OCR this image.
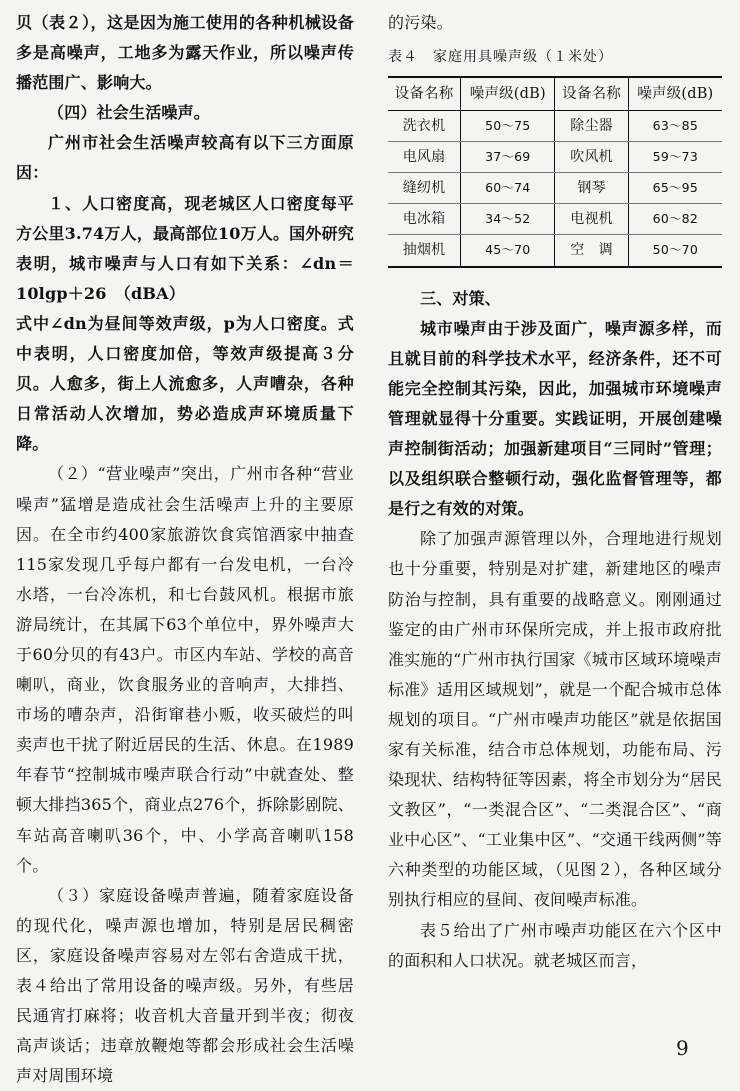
贝（表２），这是因为施工使用的各种机械设备多是高噪声，工地多为露天作业，所以噪声传播范围广、影响大。

（四）社会生活噪声。

广州市社会生活噪声较高有以下三方面原因：

１、人口密度高，现老城区人口密度每平方公里3.74万人，最高部位10万人。国外研究表明，城市噪声与人口有如下关系：∠dn＝10lgp＋26　（dBA）

式中∠dn为昼间等效声级，p为人口密度。式中表明，人口密度加倍，等效声级提高３分贝。人愈多，街上人流愈多，人声嘈杂，各种日常活动人次增加，势必造成声环境质量下降。

（２）“营业噪声”突出，广州市各种“营业噪声”猛增是造成社会生活噪声上升的主要原因。在全市约400家旅游饮食宾馆酒家中抽查115家发现几乎每户都有一台发电机，一台冷水塔，一台冷冻机，和七台鼓风机。根据市旅游局统计，在其属下63个单位中，界外噪声大于60分贝的有43户。市区内车站、学校的高音喇叭，商业，饮食服务业的音响声，大排挡、市场的嘈杂声，沿街窜巷小贩，收买破烂的叫卖声也干扰了附近居民的生活、休息。在1989年春节“控制城市噪声联合行动”中就查处、整顿大排挡365个，商业点276个，拆除影剧院、车站高音喇叭36个，中、小学高音喇叭158个。

（３）家庭设备噪声普遍，随着家庭设备的现代化，噪声源也增加，特别是居民稠密区，家庭设备噪声容易对左邻右舍造成干扰，表４给出了常用设备的噪声级。另外，有些居民通宵打麻将；收音机大音量开到半夜；彻夜高声谈话；违章放鞭炮等都会形成社会生活噪声对周围环境

的污染。

表４　家庭用具噪声级（１米处）

设备名称	噪声级(dB)	设备名称	噪声级(dB)
洗衣机	50～75	除尘器	63～85
电风扇	37～69	吹风机	59～73
缝纫机	60～74	钢琴	65～95
电冰箱	34～52	电视机	60～82
抽烟机	45～70	空　调	50～70

三、对策、

城市噪声由于涉及面广，噪声源多样，而且就目前的科学技术水平，经济条件，还不可能完全控制其污染，因此，加强城市环境噪声管理就显得十分重要。实践证明，开展创建噪声控制街活动；加强新建项目“三同时”管理；以及组织联合整顿行动，强化监督管理等，都是行之有效的对策。

除了加强声源管理以外，合理地进行规划也十分重要，特别是对扩建，新建地区的噪声防治与控制，具有重要的战略意义。刚刚通过鉴定的由广州市环保所完成，并上报市政府批准实施的“广州市执行国家《城市区域环境噪声标准》适用区域规划”，就是一个配合城市总体规划的项目。“广州市噪声功能区”就是依据国家有关标准，结合市总体规划，功能布局、污染现状、结构特征等因素，将全市划分为“居民文教区”，“一类混合区”、“二类混合区”、“商业中心区”、“工业集中区”、“交通干线两侧”等六种类型的功能区域，（见图２），各种区域分别执行相应的昼间、夜间噪声标准。

表５给出了广州市噪声功能区在六个区中的面积和人口状况。就老城区而言，

9
